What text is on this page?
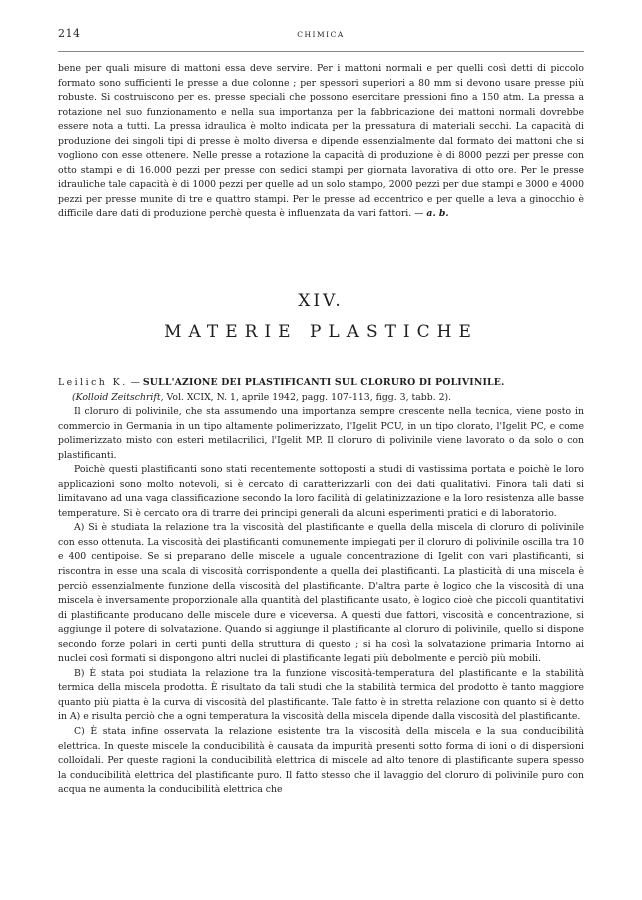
214	CHIMICA

bene per quali misure di mattoni essa deve servire. Per i mattoni normali e per quelli così detti di piccolo formato sono sufficienti le presse a due colonne ; per spessori superiori a 80 mm si devono usare presse più robuste. Si costruiscono per es. presse speciali che possono esercitare pressioni fino a 150 atm. La pressa a rotazione nel suo funzionamento e nella sua importanza per la fabbricazione dei mattoni normali dovrebbe essere nota a tutti. La pressa idraulica è molto indicata per la pressatura di materiali secchi. La capacità di produzione dei singoli tipi di presse è molto diversa e dipende essenzialmente dal formato dei mattoni che si vogliono con esse ottenere. Nelle presse a rotazione la capacità di produzione è di 8000 pezzi per presse con otto stampi e di 16.000 pezzi per presse con sedici stampi per giornata lavorativa di otto ore. Per le presse idrauliche tale capacità è di 1000 pezzi per quelle ad un solo stampo, 2000 pezzi per due stampi e 3000 e 4000 pezzi per presse munite di tre e quattro stampi. Per le presse ad eccentrico e per quelle a leva a ginocchio è difficile dare dati di produzione perchè questa è influenzata da vari fattori. — a. b.

XIV.
MATERIE PLASTICHE
Leilich K. — SULL'AZIONE DEI PLASTIFICANTI SUL CLORURO DI POLIVINILE.
(Kolloid Zeitschrift, Vol. XCIX, N. 1, aprile 1942, pagg. 107-113, figg. 3, tabb. 2).

Il cloruro di polivinile, che sta assumendo una importanza sempre crescente nella tecnica, viene posto in commercio in Germania in un tipo altamente polimerizzato, l'Igelit PCU, in un tipo clorato, l'Igelit PC, e come polimerizzato misto con esteri metilacrilici, l'Igelit MP. Il cloruro di polivinile viene lavorato o da solo o con plastificanti.

Poichè questi plastificanti sono stati recentemente sottoposti a studi di vastissima portata e poichè le loro applicazioni sono molto notevoli, si è cercato di caratterizzarli con dei dati qualitativi. Finora tali dati si limitavano ad una vaga classificazione secondo la loro facilità di gelatinizzazione e la loro resistenza alle basse temperature. Si è cercato ora di trarre dei principi generali da alcuni esperimenti pratici e di laboratorio.

A) Si è studiata la relazione tra la viscosità del plastificante e quella della miscela di cloruro di polivinile con esso ottenuta. La viscosità dei plastificanti comunemente impiegati per il cloruro di polivinile oscilla tra 10 e 400 centipoise. Se si preparano delle miscele a uguale concentrazione di Igelit con vari plastificanti, si riscontra in esse una scala di viscosità corrispondente a quella dei plastificanti. La plasticità di una miscela è perciò essenzialmente funzione della viscosità del plastificante. D'altra parte è logico che la viscosità di una miscela è inversamente proporzionale alla quantità del plastificante usato, è logico cioè che piccoli quantitativi di plastificante producano delle miscele dure e viceversa. A questi due fattori, viscosità e concentrazione, si aggiunge il potere di solvatazione. Quando si aggiunge il plastificante al cloruro di polivinile, quello si dispone secondo forze polari in certi punti della struttura di questo ; si ha così la solvatazione primaria Intorno ai nuclei così formati si dispongono altri nuclei di plastificante legati più debolmente e perciò più mobili.

B) È stata poi studiata la relazione tra la funzione viscosità-temperatura del plastificante e la stabilità termica della miscela prodotta. È risultato da tali studi che la stabilità termica del prodotto è tanto maggiore quanto più piatta è la curva di viscosità del plastificante. Tale fatto è in stretta relazione con quanto si è detto in A) e risulta perciò che a ogni temperatura la viscosità della miscela dipende dalla viscosità del plastificante.

C) È stata infine osservata la relazione esistente tra la viscosità della miscela e la sua conducibilità elettrica. In queste miscele la conducibilità è causata da impurità presenti sotto forma di ioni o di dispersioni colloidali. Per queste ragioni la conducibilità elettrica di miscele ad alto tenore di plastificante supera spesso la conducibilità elettrica del plastificante puro. Il fatto stesso che il lavaggio del cloruro di polivinile puro con acqua ne aumenta la conducibilità elettrica che
